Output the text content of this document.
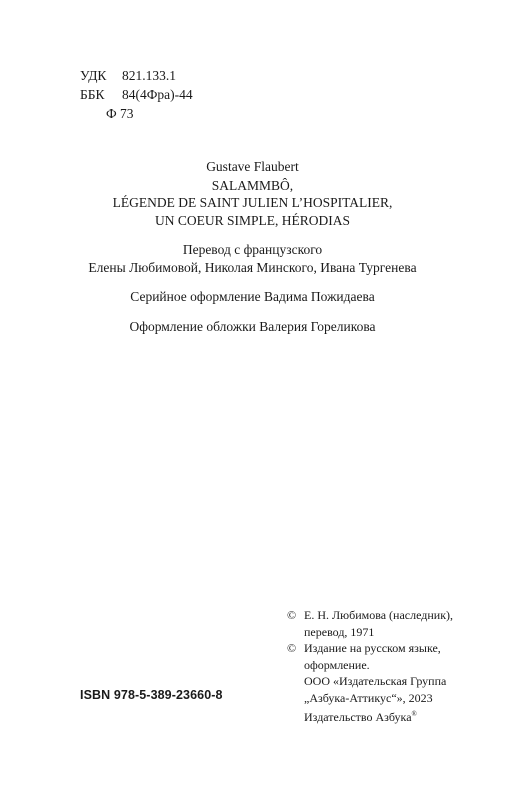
УДК	821.133.1
ББК	84(4Фра)-44
Ф 73
Gustave Flaubert
SALAMMBÔ,
LÉGENDE DE SAINT JULIEN L’HOSPITALIER,
UN COEUR SIMPLE, HÉRODIAS
Перевод с французского
Елены Любимовой, Николая Минского, Ивана Тургенева
Серийное оформление Вадима Пожидаева
Оформление обложки Валерия Гореликова
© Е. Н. Любимова (наследник),
перевод, 1971
© Издание на русском языке,
оформление.
ООО «Издательская Группа
„Азбука-Аттикус“», 2023
Издательство Азбука®
ISBN 978-5-389-23660-8
